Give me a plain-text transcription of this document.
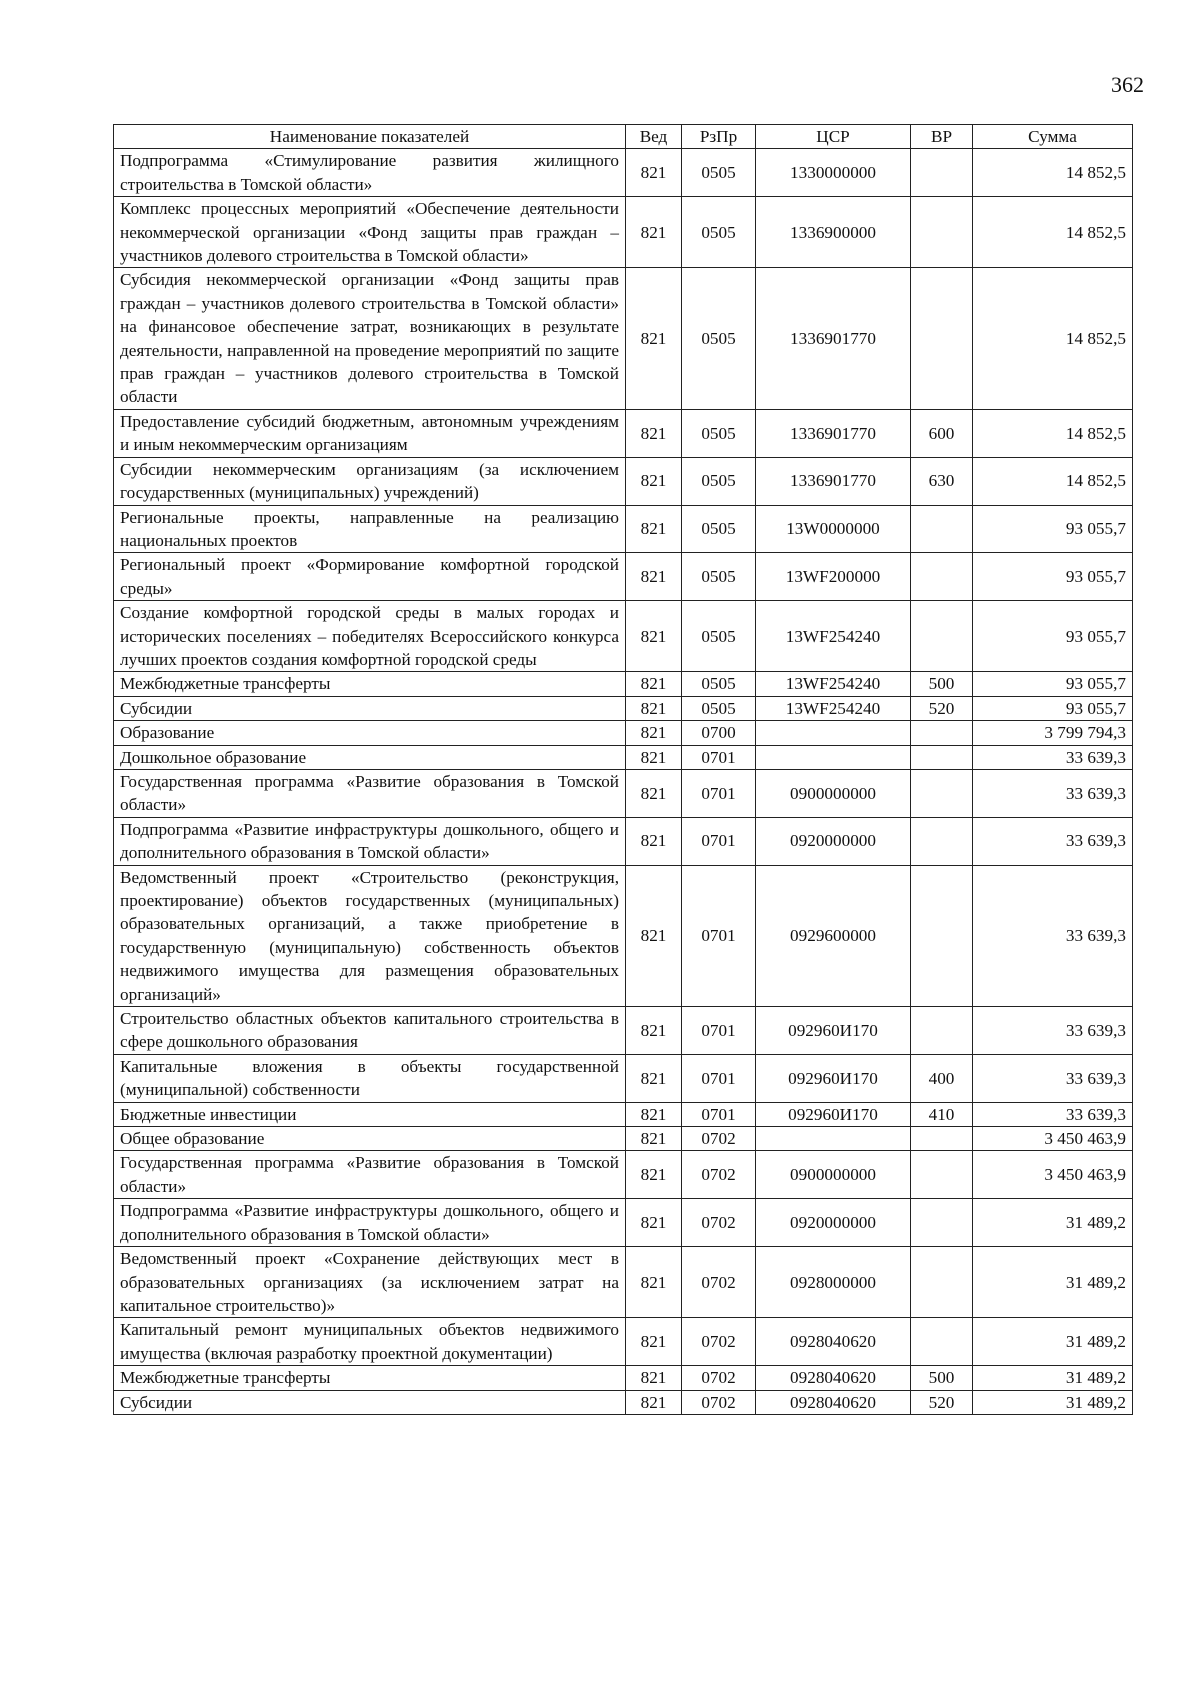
362
Наименование показателей	Вед	РзПр	ЦСР	ВР	Сумма
Подпрограмма «Стимулирование развития жилищного строительства в Томской области»	821	0505	1330000000		14 852,5
Комплекс процессных мероприятий «Обеспечение деятельности некоммерческой организации «Фонд защиты прав граждан – участников долевого строительства в Томской области»	821	0505	1336900000		14 852,5
Субсидия некоммерческой организации «Фонд защиты прав граждан – участников долевого строительства в Томской области» на финансовое обеспечение затрат, возникающих в результате деятельности, направленной на проведение мероприятий по защите прав граждан – участников долевого строительства в Томской области	821	0505	1336901770		14 852,5
Предоставление субсидий бюджетным, автономным учреждениям и иным некоммерческим организациям	821	0505	1336901770	600	14 852,5
Субсидии некоммерческим организациям (за исключением государственных (муниципальных) учреждений)	821	0505	1336901770	630	14 852,5
Региональные проекты, направленные на реализацию национальных проектов	821	0505	13W0000000		93 055,7
Региональный проект «Формирование комфортной городской среды»	821	0505	13WF200000		93 055,7
Создание комфортной городской среды в малых городах и исторических поселениях – победителях Всероссийского конкурса лучших проектов создания комфортной городской среды	821	0505	13WF254240		93 055,7
Межбюджетные трансферты	821	0505	13WF254240	500	93 055,7
Субсидии	821	0505	13WF254240	520	93 055,7
Образование	821	0700			3 799 794,3
Дошкольное образование	821	0701			33 639,3
Государственная программа «Развитие образования в Томской области»	821	0701	0900000000		33 639,3
Подпрограмма «Развитие инфраструктуры дошкольного, общего и дополнительного образования в Томской области»	821	0701	0920000000		33 639,3
Ведомственный проект «Строительство (реконструкция, проектирование) объектов государственных (муниципальных) образовательных организаций, а также приобретение в государственную (муниципальную) собственность объектов недвижимого имущества для размещения образовательных организаций»	821	0701	0929600000		33 639,3
Строительство областных объектов капитального строительства в сфере дошкольного образования	821	0701	092960И170		33 639,3
Капитальные вложения в объекты государственной (муниципальной) собственности	821	0701	092960И170	400	33 639,3
Бюджетные инвестиции	821	0701	092960И170	410	33 639,3
Общее образование	821	0702			3 450 463,9
Государственная программа «Развитие образования в Томской области»	821	0702	0900000000		3 450 463,9
Подпрограмма «Развитие инфраструктуры дошкольного, общего и дополнительного образования в Томской области»	821	0702	0920000000		31 489,2
Ведомственный проект «Сохранение действующих мест в образовательных организациях (за исключением затрат на капитальное строительство)»	821	0702	0928000000		31 489,2
Капитальный ремонт муниципальных объектов недвижимого имущества (включая разработку проектной документации)	821	0702	0928040620		31 489,2
Межбюджетные трансферты	821	0702	0928040620	500	31 489,2
Субсидии	821	0702	0928040620	520	31 489,2
